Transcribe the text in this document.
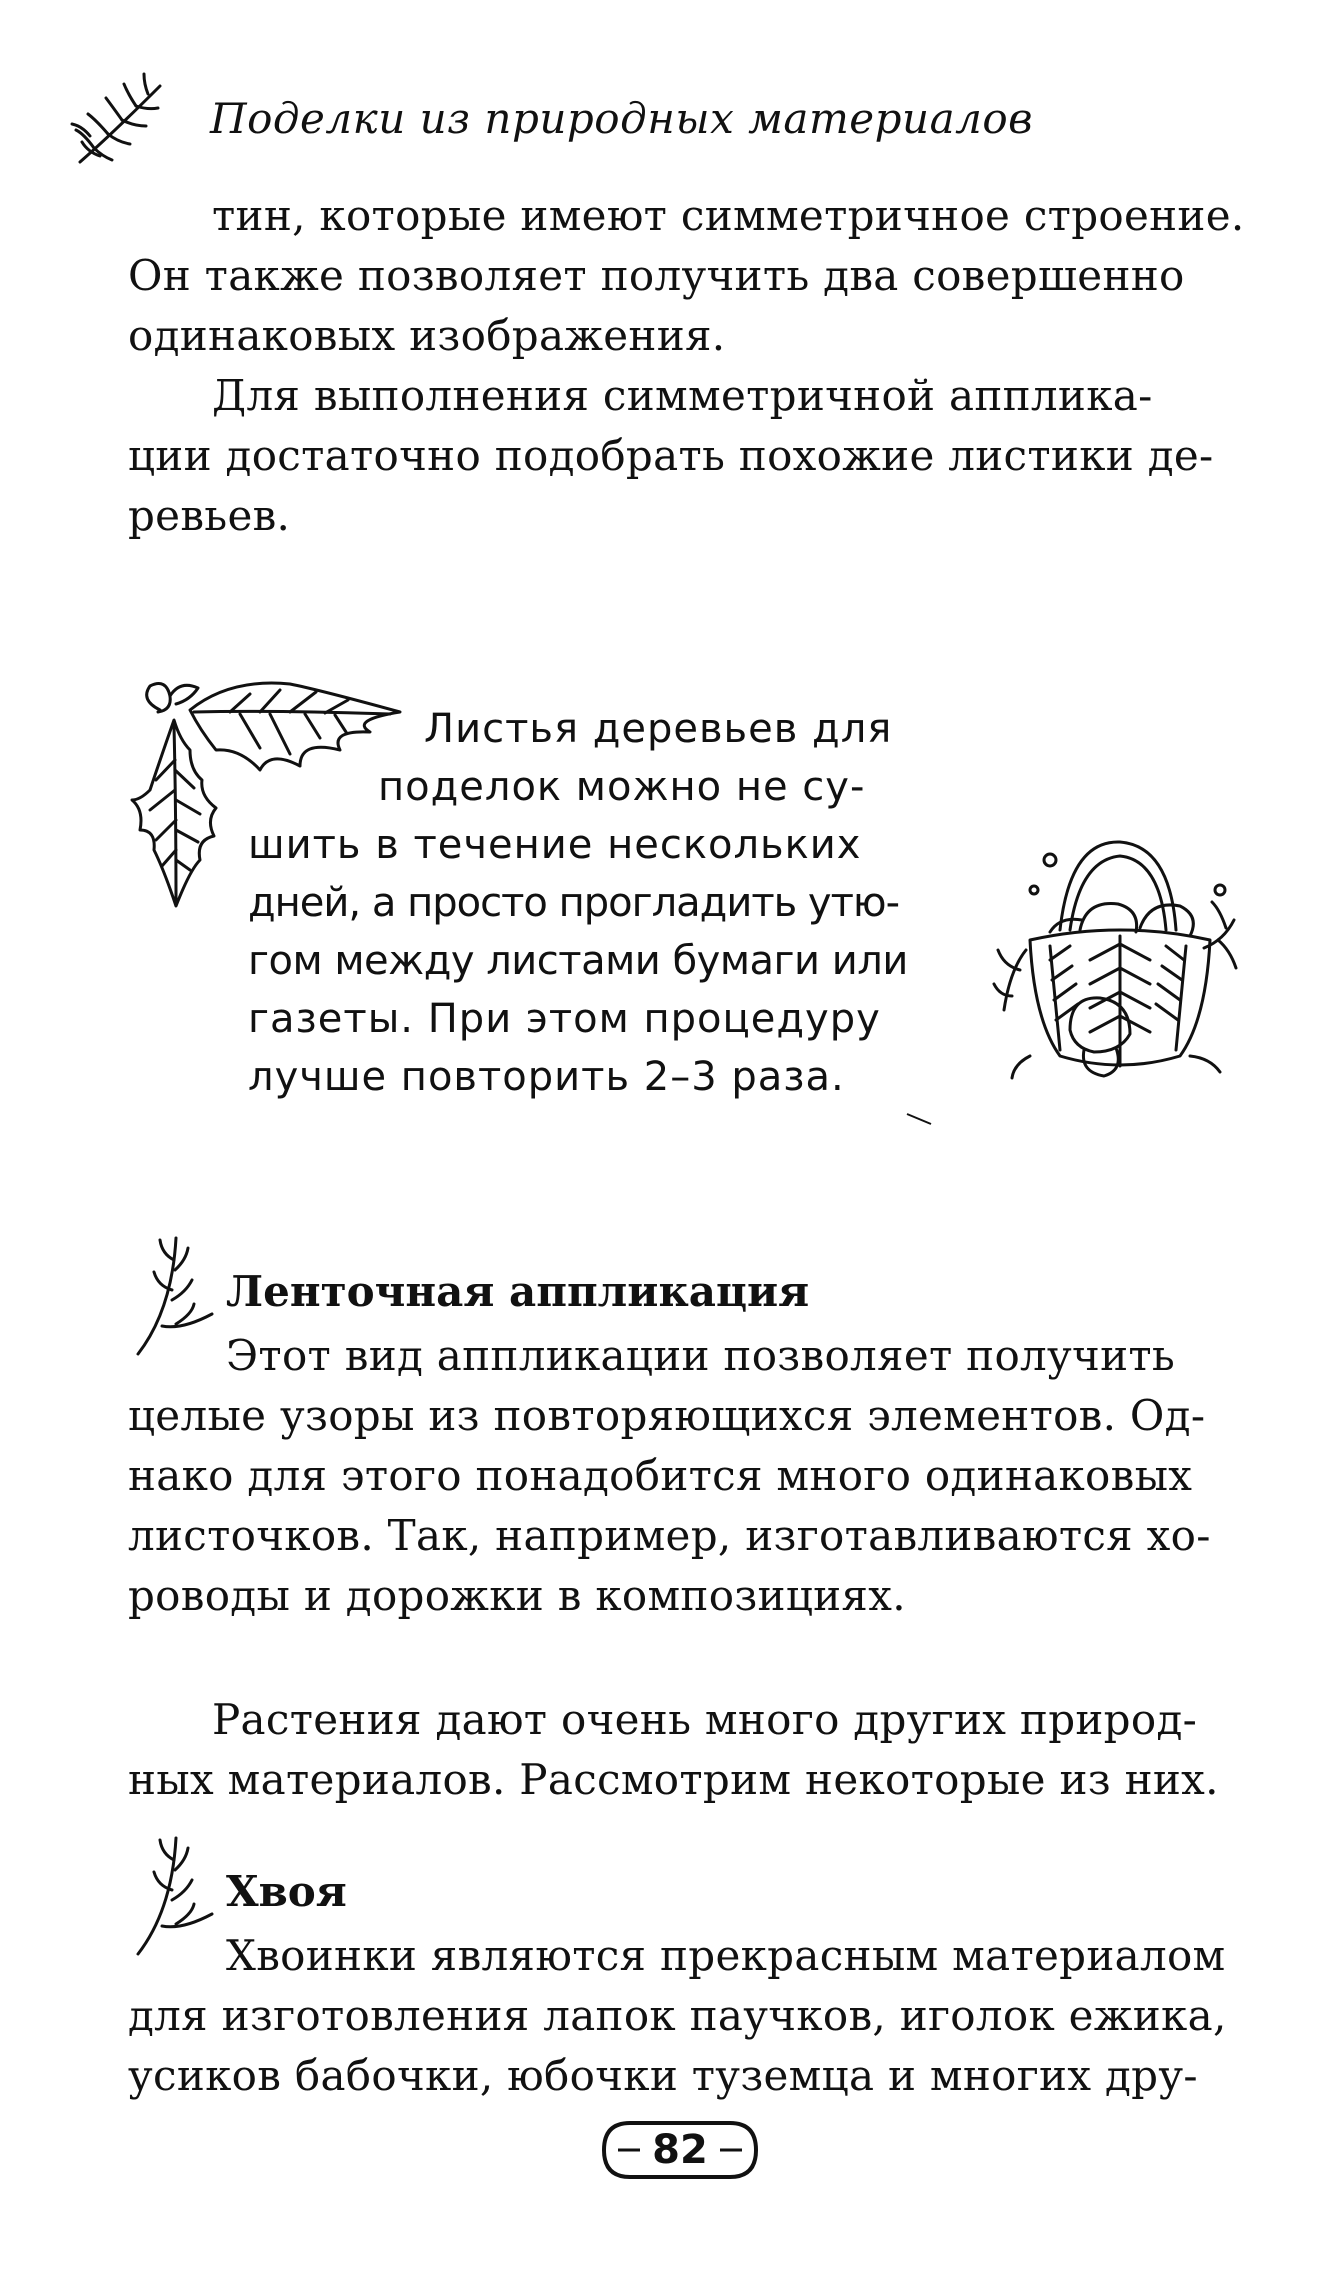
Поделки из природных материалов
тин, которые имеют симметричное строение.
Он также позволяет получить два совершенно
одинаковых изображения.
Для выполнения симметричной апплика-
ции достаточно подобрать похожие листики де-
ревьев.
Листья деревьев для
поделок можно не су-
шить в течение нескольких
дней, а просто прогладить утю-
гом между листами бумаги или
газеты. При этом процедуру
лучше повторить 2–3 раза.
Ленточная аппликация
Этот вид аппликации позволяет получить
целые узоры из повторяющихся элементов. Од-
нако для этого понадобится много одинаковых
листочков. Так, например, изготавливаются хо-
роводы и дорожки в композициях.
Растения дают очень много других природ-
ных материалов. Рассмотрим некоторые из них.
Хвоя
Хвоинки являются прекрасным материалом
для изготовления лапок паучков, иголок ежика,
усиков бабочки, юбочки туземца и многих дру-
82
